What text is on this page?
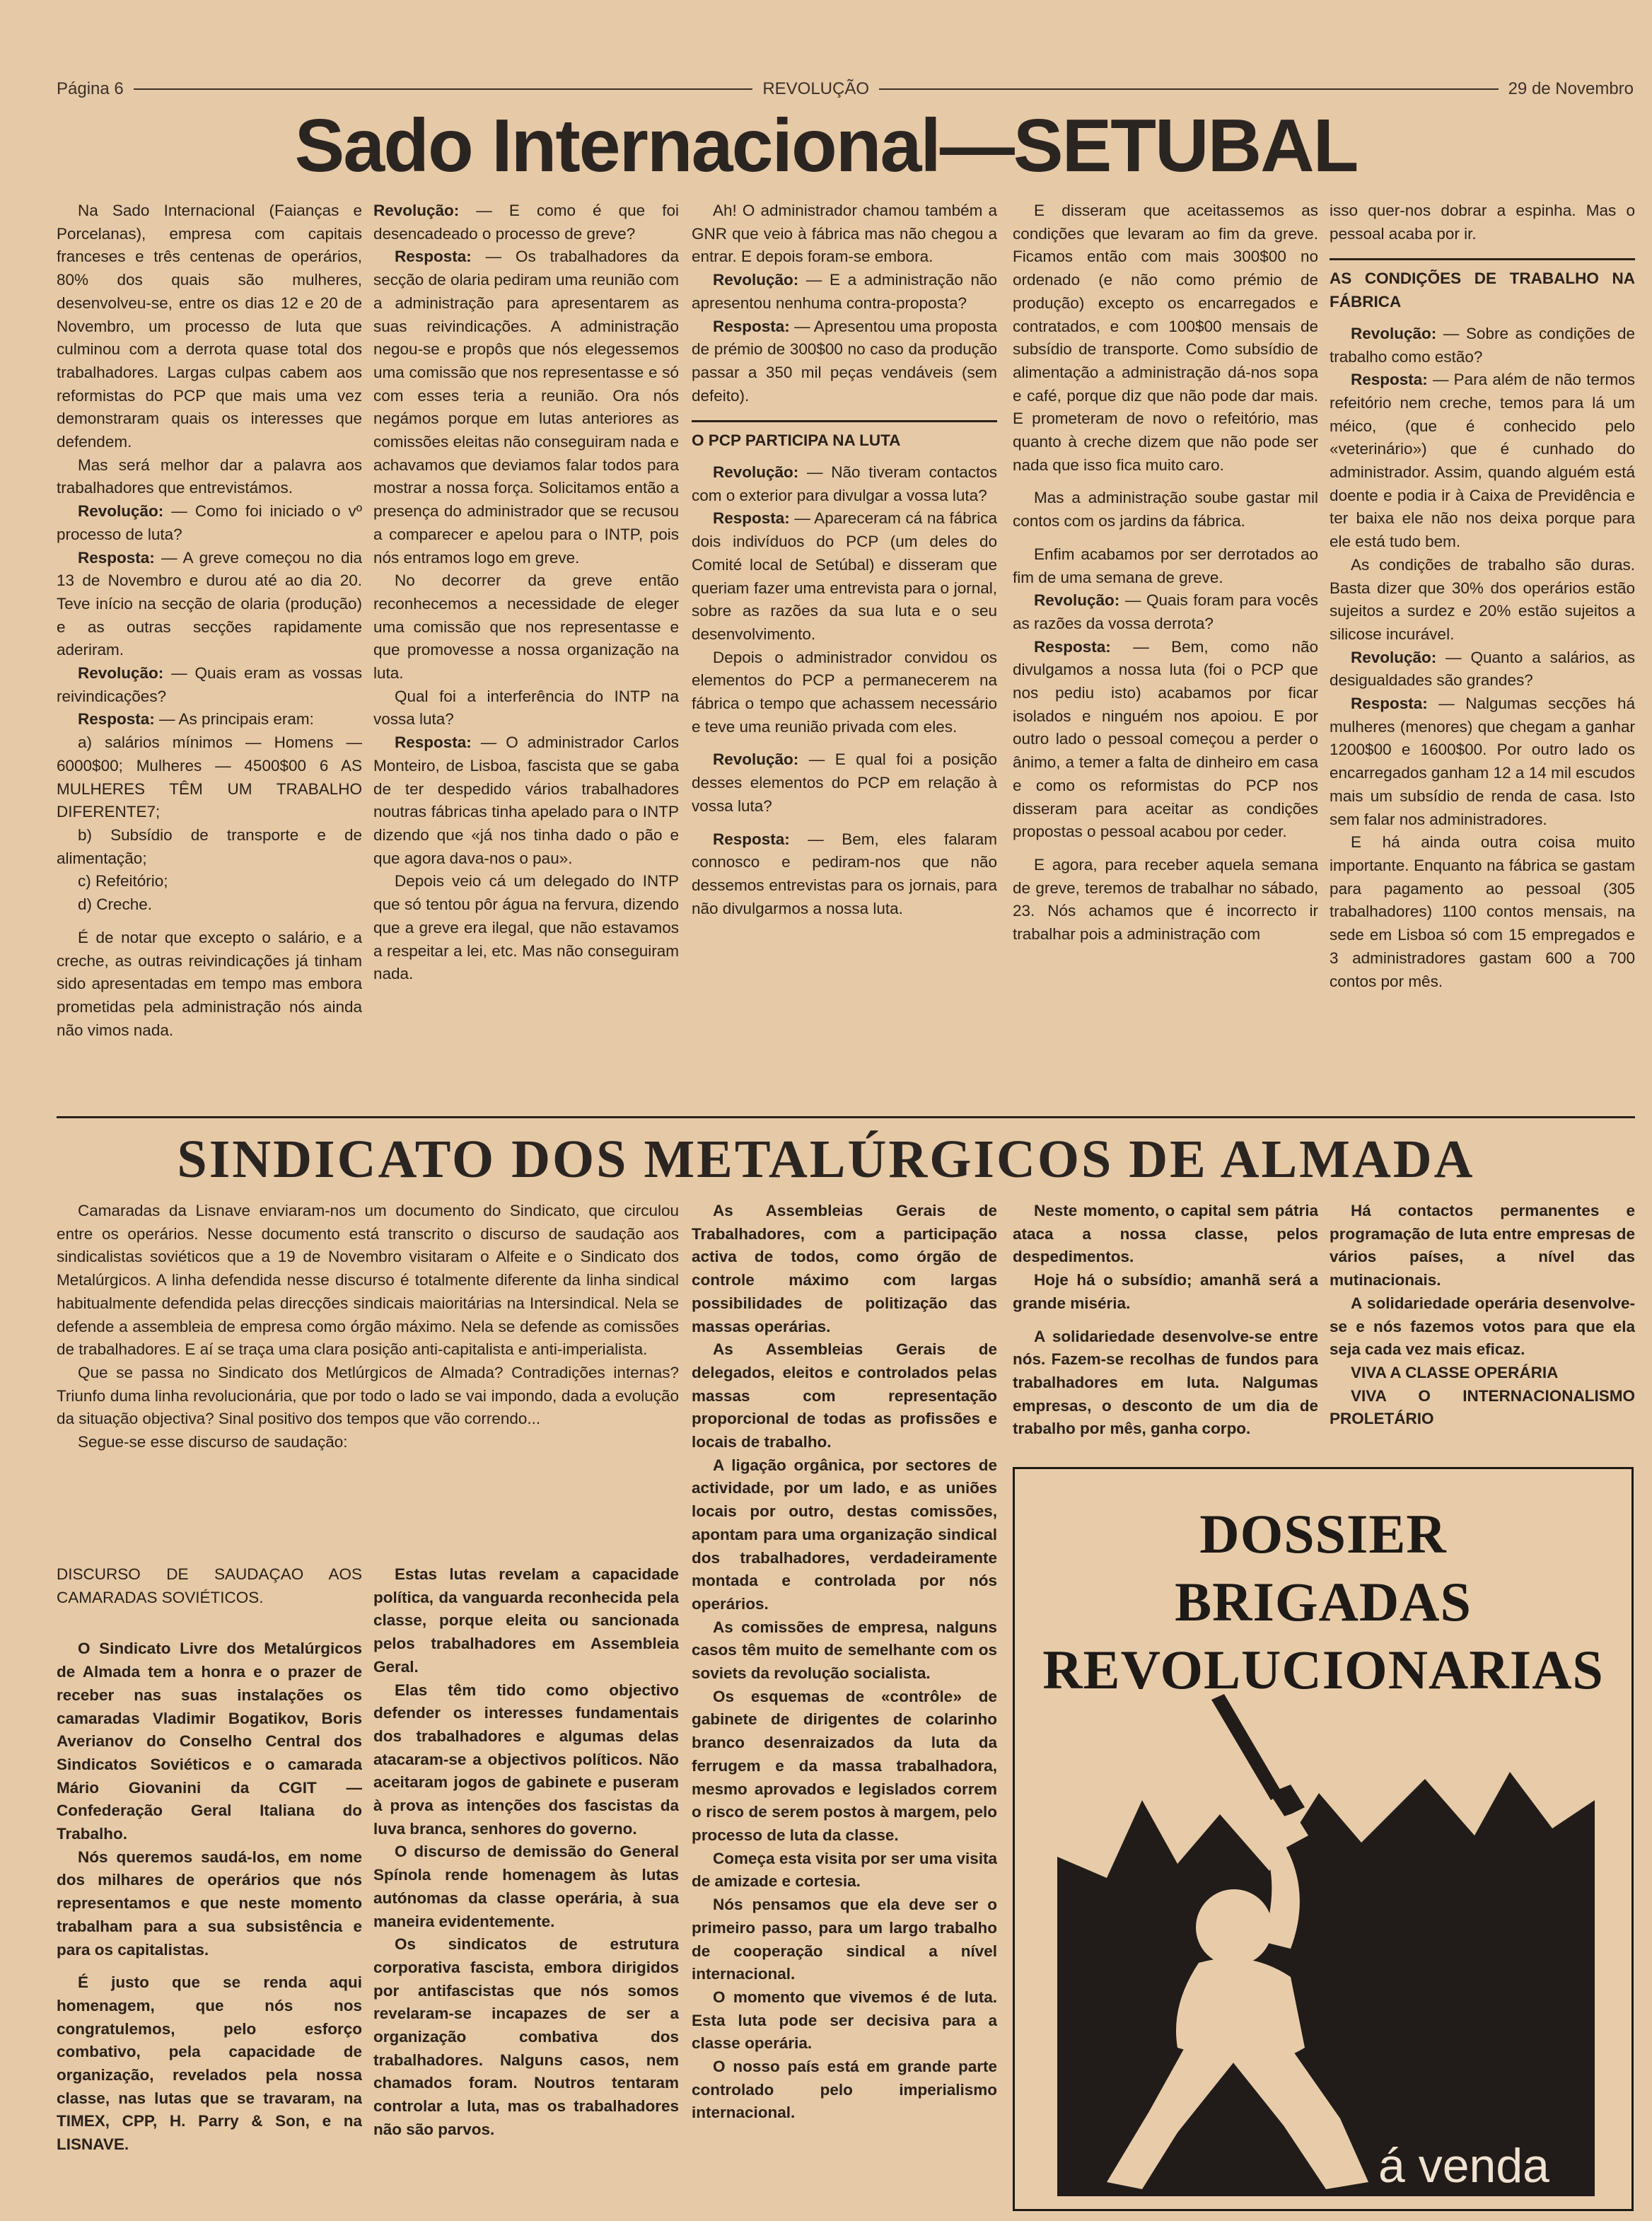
Página 6	REVOLUÇÃO	29 de Novembro
Sado Internacional—SETUBAL

Na Sado Internacional (Faianças e Porcelanas), empresa com capitais franceses e três centenas de operários, 80% dos quais são mulheres, desenvolveu-se, entre os dias 12 e 20 de Novembro, um processo de luta que culminou com a derrota quase total dos trabalhadores. Largas culpas cabem aos reformistas do PCP que mais uma vez demonstraram quais os interesses que defendem.

Mas será melhor dar a palavra aos trabalhadores que entrevistámos.

Revolução: — Como foi iniciado o vº processo de luta?

Resposta: — A greve começou no dia 13 de Novembro e durou até ao dia 20. Teve início na secção de olaria (produção) e as outras secções rapidamente aderiram.

Revolução: — Quais eram as vossas reivindicações?

Resposta: — As principais eram:

a) salários mínimos — Homens — 6000$00; Mulheres — 4500$00 6 AS MULHERES TÊM UM TRABALHO DIFERENTE7;

b) Subsídio de transporte e de alimentação;

c) Refeitório;

d) Creche.

É de notar que excepto o salário, e a creche, as outras reivindicações já tinham sido apresentadas em tempo mas embora prometidas pela administração nós ainda não vimos nada.

Revolução: — E como é que foi desencadeado o processo de greve?

Resposta: — Os trabalhadores da secção de olaria pediram uma reunião com a administração para apresentarem as suas reivindicações. A administração negou-se e propôs que nós elegessemos uma comissão que nos representasse e só com esses teria a reunião. Ora nós negámos porque em lutas anteriores as comissões eleitas não conseguiram nada e achavamos que deviamos falar todos para mostrar a nossa força. Solicitamos então a presença do administrador que se recusou a comparecer e apelou para o INTP, pois nós entramos logo em greve.

No decorrer da greve então reconhecemos a necessidade de eleger uma comissão que nos representasse e que promovesse a nossa organização na luta.

Qual foi a interferência do INTP na vossa luta?

Resposta: — O administrador Carlos Monteiro, de Lisboa, fascista que se gaba de ter despedido vários trabalhadores noutras fábricas tinha apelado para o INTP dizendo que «já nos tinha dado o pão e que agora dava-nos o pau».

Depois veio cá um delegado do INTP que só tentou pôr água na fervura, dizendo que a greve era ilegal, que não estavamos a respeitar a lei, etc. Mas não conseguiram nada.

Ah! O administrador chamou também a GNR que veio à fábrica mas não chegou a entrar. E depois foram-se embora.

Revolução: — E a administração não apresentou nenhuma contra-proposta?

Resposta: — Apresentou uma proposta de prémio de 300$00 no caso da produção passar a 350 mil peças vendáveis (sem defeito).

O PCP PARTICIPA NA LUTA

Revolução: — Não tiveram contactos com o exterior para divulgar a vossa luta?

Resposta: — Apareceram cá na fábrica dois indivíduos do PCP (um deles do Comité local de Setúbal) e disseram que queriam fazer uma entrevista para o jornal, sobre as razões da sua luta e o seu desenvolvimento.

Depois o administrador convidou os elementos do PCP a permanecerem na fábrica o tempo que achassem necessário e teve uma reunião privada com eles.

Revolução: — E qual foi a posição desses elementos do PCP em relação à vossa luta?

Resposta: — Bem, eles falaram connosco e pediram-nos que não dessemos entrevistas para os jornais, para não divulgarmos a nossa luta.

E disseram que aceitassemos as condições que levaram ao fim da greve. Ficamos então com mais 300$00 no ordenado (e não como prémio de produção) excepto os encarregados e contratados, e com 100$00 mensais de subsídio de transporte. Como subsídio de alimentação a administração dá-nos sopa e café, porque diz que não pode dar mais. E prometeram de novo o refeitório, mas quanto à creche dizem que não pode ser nada que isso fica muito caro.

Mas a administração soube gastar mil contos com os jardins da fábrica.

Enfim acabamos por ser derrotados ao fim de uma semana de greve.

Revolução: — Quais foram para vocês as razões da vossa derrota?

Resposta: — Bem, como não divulgamos a nossa luta (foi o PCP que nos pediu isto) acabamos por ficar isolados e ninguém nos apoiou. E por outro lado o pessoal começou a perder o ânimo, a temer a falta de dinheiro em casa e como os reformistas do PCP nos disseram para aceitar as condições propostas o pessoal acabou por ceder.

E agora, para receber aquela semana de greve, teremos de trabalhar no sábado, 23. Nós achamos que é incorrecto ir trabalhar pois a administração com

isso quer-nos dobrar a espinha. Mas o pessoal acaba por ir.

AS CONDIÇÕES DE TRABALHO NA FÁBRICA

Revolução: — Sobre as condições de trabalho como estão?

Resposta: — Para além de não termos refeitório nem creche, temos para lá um méico, (que é conhecido pelo «veterinário») que é cunhado do administrador. Assim, quando alguém está doente e podia ir à Caixa de Previdência e ter baixa ele não nos deixa porque para ele está tudo bem.

As condições de trabalho são duras. Basta dizer que 30% dos operários estão sujeitos a surdez e 20% estão sujeitos a silicose incurável.

Revolução: — Quanto a salários, as desigualdades são grandes?

Resposta: — Nalgumas secções há mulheres (menores) que chegam a ganhar 1200$00 e 1600$00. Por outro lado os encarregados ganham 12 a 14 mil escudos mais um subsídio de renda de casa. Isto sem falar nos administradores.

E há ainda outra coisa muito importante. Enquanto na fábrica se gastam para pagamento ao pessoal (305 trabalhadores) 1100 contos mensais, na sede em Lisboa só com 15 empregados e 3 administradores gastam 600 a 700 contos por mês.

SINDICATO DOS METALÚRGICOS DE ALMADA

Camaradas da Lisnave enviaram-nos um documento do Sindicato, que circulou entre os operários. Nesse documento está transcrito o discurso de saudação aos sindicalistas soviéticos que a 19 de Novembro visitaram o Alfeite e o Sindicato dos Metalúrgicos. A linha defendida nesse discurso é totalmente diferente da linha sindical habitualmente defendida pelas direcções sindicais maioritárias na Intersindical. Nela se defende a assembleia de empresa como órgão máximo. Nela se defende as comissões de trabalhadores. E aí se traça uma clara posição anti-capitalista e anti-imperialista.

Que se passa no Sindicato dos Metlúrgicos de Almada? Contradições internas? Triunfo duma linha revolucionária, que por todo o lado se vai impondo, dada a evolução da situação objectiva? Sinal positivo dos tempos que vão correndo...

Segue-se esse discurso de saudação:

DISCURSO DE SAUDAÇAO AOS CAMARADAS SOVIÉTICOS.

O Sindicato Livre dos Metalúrgicos de Almada tem a honra e o prazer de receber nas suas instalações os camaradas Vladimir Bogatikov, Boris Averianov do Conselho Central dos Sindicatos Soviéticos e o camarada Mário Giovanini da CGIT — Confederação Geral Italiana do Trabalho.

Nós queremos saudá-los, em nome dos milhares de operários que nós representamos e que neste momento trabalham para a sua subsistência e para os capitalistas.

É justo que se renda aqui homenagem, que nós nos congratulemos, pelo esforço combativo, pela capacidade de organização, revelados pela nossa classe, nas lutas que se travaram, na TIMEX, CPP, H. Parry & Son, e na LISNAVE.

Estas lutas revelam a capacidade política, da vanguarda reconhecida pela classe, porque eleita ou sancionada pelos trabalhadores em Assembleia Geral.

Elas têm tido como objectivo defender os interesses fundamentais dos trabalhadores e algumas delas atacaram-se a objectivos políticos. Não aceitaram jogos de gabinete e puseram à prova as intenções dos fascistas da luva branca, senhores do governo.

O discurso de demissão do General Spínola rende homenagem às lutas autónomas da classe operária, à sua maneira evidentemente.

Os sindicatos de estrutura corporativa fascista, embora dirigidos por antifascistas que nós somos revelaram-se incapazes de ser a organização combativa dos trabalhadores. Nalguns casos, nem chamados foram. Noutros tentaram controlar a luta, mas os trabalhadores não são parvos.

As Assembleias Gerais de Trabalhadores, com a participação activa de todos, como órgão de controle máximo com largas possibilidades de politização das massas operárias.

As Assembleias Gerais de delegados, eleitos e controlados pelas massas com representação proporcional de todas as profissões e locais de trabalho.

A ligação orgânica, por sectores de actividade, por um lado, e as uniões locais por outro, destas comissões, apontam para uma organização sindical dos trabalhadores, verdadeiramente montada e controlada por nós operários.

As comissões de empresa, nalguns casos têm muito de semelhante com os soviets da revolução socialista.

Os esquemas de «contrôle» de gabinete de dirigentes de colarinho branco desenraizados da luta da ferrugem e da massa trabalhadora, mesmo aprovados e legislados correm o risco de serem postos à margem, pelo processo de luta da classe.

Começa esta visita por ser uma visita de amizade e cortesia.

Nós pensamos que ela deve ser o primeiro passo, para um largo trabalho de cooperação sindical a nível internacional.

O momento que vivemos é de luta. Esta luta pode ser decisiva para a classe operária.

O nosso país está em grande parte controlado pelo imperialismo internacional.

Neste momento, o capital sem pátria ataca a nossa classe, pelos despedimentos.

Hoje há o subsídio; amanhã será a grande miséria.

A solidariedade desenvolve-se entre nós. Fazem-se recolhas de fundos para trabalhadores em luta. Nalgumas empresas, o desconto de um dia de trabalho por mês, ganha corpo.

Há contactos permanentes e programação de luta entre empresas de vários países, a nível das mutinacionais.

A solidariedade operária desenvolve-se e nós fazemos votos para que ela seja cada vez mais eficaz.

VIVA A CLASSE OPERÁRIA

VIVA O INTERNACIONALISMO PROLETÁRIO

DOSSIER
BRIGADAS
REVOLUCIONARIAS
á venda
